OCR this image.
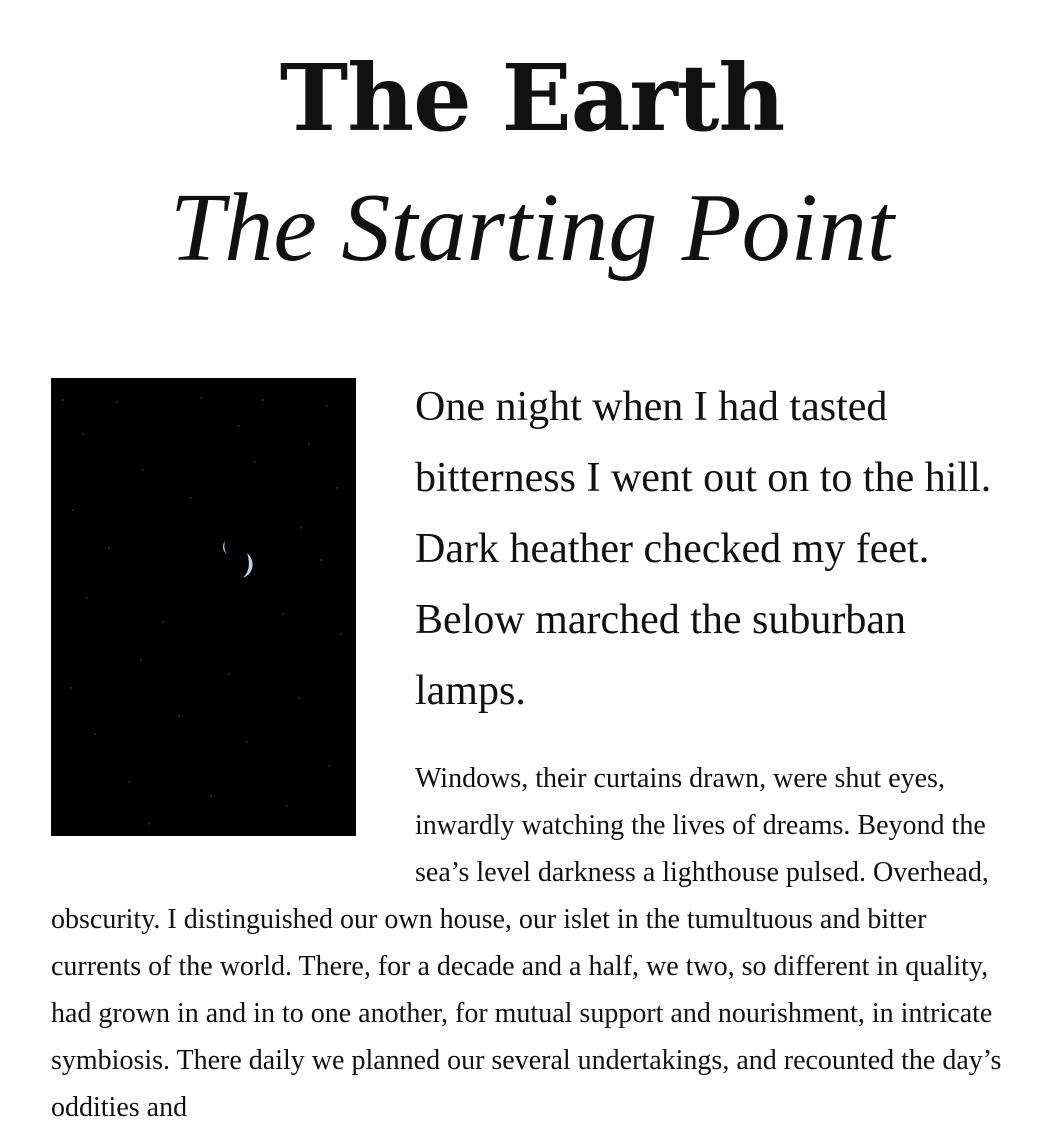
The Earth
The Starting Point

One night when I had tasted bitterness I went out on to the hill. Dark heather checked my feet. Below marched the suburban lamps.

Windows, their curtains drawn, were shut eyes, inwardly watching the lives of dreams. Beyond the sea’s level darkness a lighthouse pulsed. Overhead, obscurity. I distinguished our own house, our islet in the tumultuous and bitter currents of the world. There, for a decade and a half, we two, so different in quality, had grown in and in to one another, for mutual support and nourishment, in intricate symbiosis. There daily we planned our several undertakings, and recounted the day’s oddities and
